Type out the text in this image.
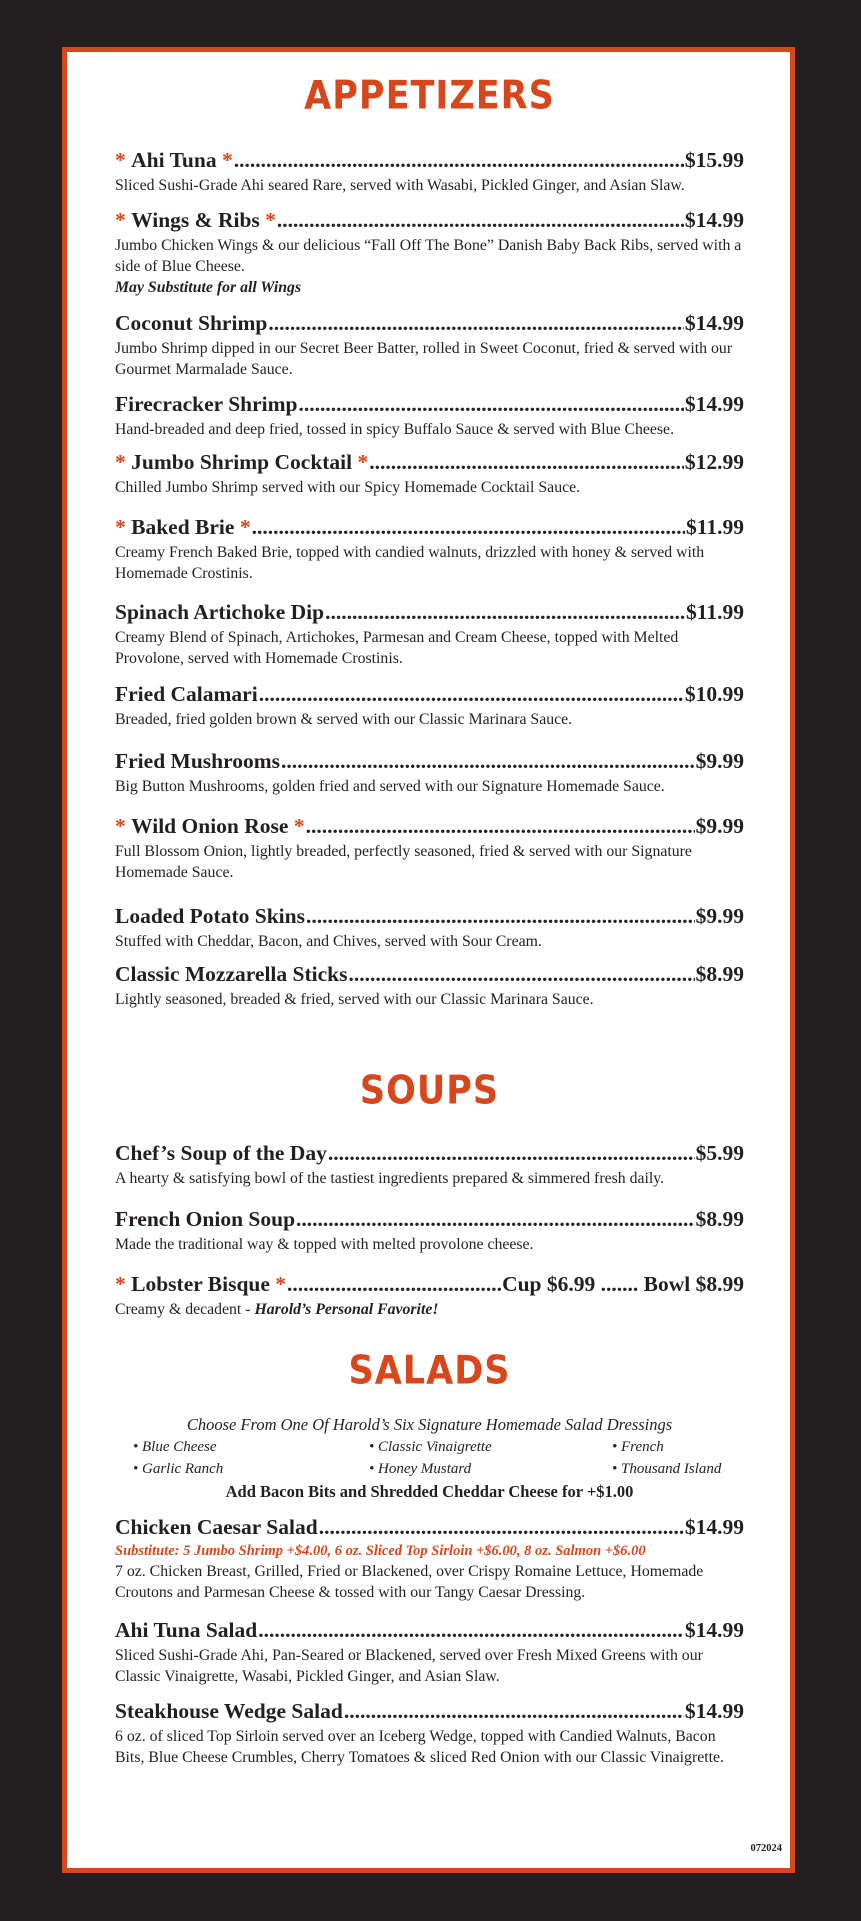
APPETIZERS
*
Ahi Tuna
* .....	$15.99
Sliced Sushi-Grade Ahi seared Rare, served with Wasabi, Pickled Ginger, and Asian Slaw.
*
Wings & Ribs
* .....	$14.99
Jumbo Chicken Wings & our delicious “Fall Off The Bone” Danish Baby Back Ribs, served with a side of Blue Cheese.
May Substitute for all Wings
Coconut Shrimp .....	$14.99
Jumbo Shrimp dipped in our Secret Beer Batter, rolled in Sweet Coconut, fried & served with our Gourmet Marmalade Sauce.
Firecracker Shrimp .....	$14.99
Hand-breaded and deep fried, tossed in spicy Buffalo Sauce & served with Blue Cheese.
*
Jumbo Shrimp Cocktail
* .....	$12.99
Chilled Jumbo Shrimp served with our Spicy Homemade Cocktail Sauce.
*
Baked Brie
* .....	$11.99
Creamy French Baked Brie, topped with candied walnuts, drizzled with honey & served with Homemade Crostinis.
Spinach Artichoke Dip .....	$11.99
Creamy Blend of Spinach, Artichokes, Parmesan and Cream Cheese, topped with Melted Provolone, served with Homemade Crostinis.
Fried Calamari .....	$10.99
Breaded, fried golden brown & served with our Classic Marinara Sauce.
Fried Mushrooms .....	$9.99
Big Button Mushrooms, golden fried and served with our Signature Homemade Sauce.
*
Wild Onion Rose
* .....	$9.99
Full Blossom Onion, lightly breaded, perfectly seasoned, fried & served with our Signature Homemade Sauce.
Loaded Potato Skins .....	$9.99
Stuffed with Cheddar, Bacon, and Chives, served with Sour Cream.
Classic Mozzarella Sticks .....	$8.99
Lightly seasoned, breaded & fried, served with our Classic Marinara Sauce.
SOUPS
Chef’s Soup of the Day .....	$5.99
A hearty & satisfying bowl of the tastiest ingredients prepared & simmered fresh daily.
French Onion Soup .....	$8.99
Made the traditional way & topped with melted provolone cheese.
*
Lobster Bisque
* .....	Cup $6.99
.......
Bowl $8.99
Creamy & decadent - Harold’s Personal Favorite!
SALADS
Choose From One Of Harold’s Six Signature Homemade Salad Dressings
• Blue Cheese	• Classic Vinaigrette	• French
• Garlic Ranch	• Honey Mustard	• Thousand Island
Add Bacon Bits and Shredded Cheddar Cheese for +$1.00
Chicken Caesar Salad .....	$14.99
Substitute: 5 Jumbo Shrimp +$4.00, 6 oz. Sliced Top Sirloin +$6.00, 8 oz. Salmon +$6.00
7 oz. Chicken Breast, Grilled, Fried or Blackened, over Crispy Romaine Lettuce, Homemade Croutons and Parmesan Cheese & tossed with our Tangy Caesar Dressing.
Ahi Tuna Salad .....	$14.99
Sliced Sushi-Grade Ahi, Pan-Seared or Blackened, served over Fresh Mixed Greens with our Classic Vinaigrette, Wasabi, Pickled Ginger, and Asian Slaw.
Steakhouse Wedge Salad .....	$14.99
6 oz. of sliced Top Sirloin served over an Iceberg Wedge, topped with Candied Walnuts, Bacon Bits, Blue Cheese Crumbles, Cherry Tomatoes & sliced Red Onion with our Classic Vinaigrette.
072024
